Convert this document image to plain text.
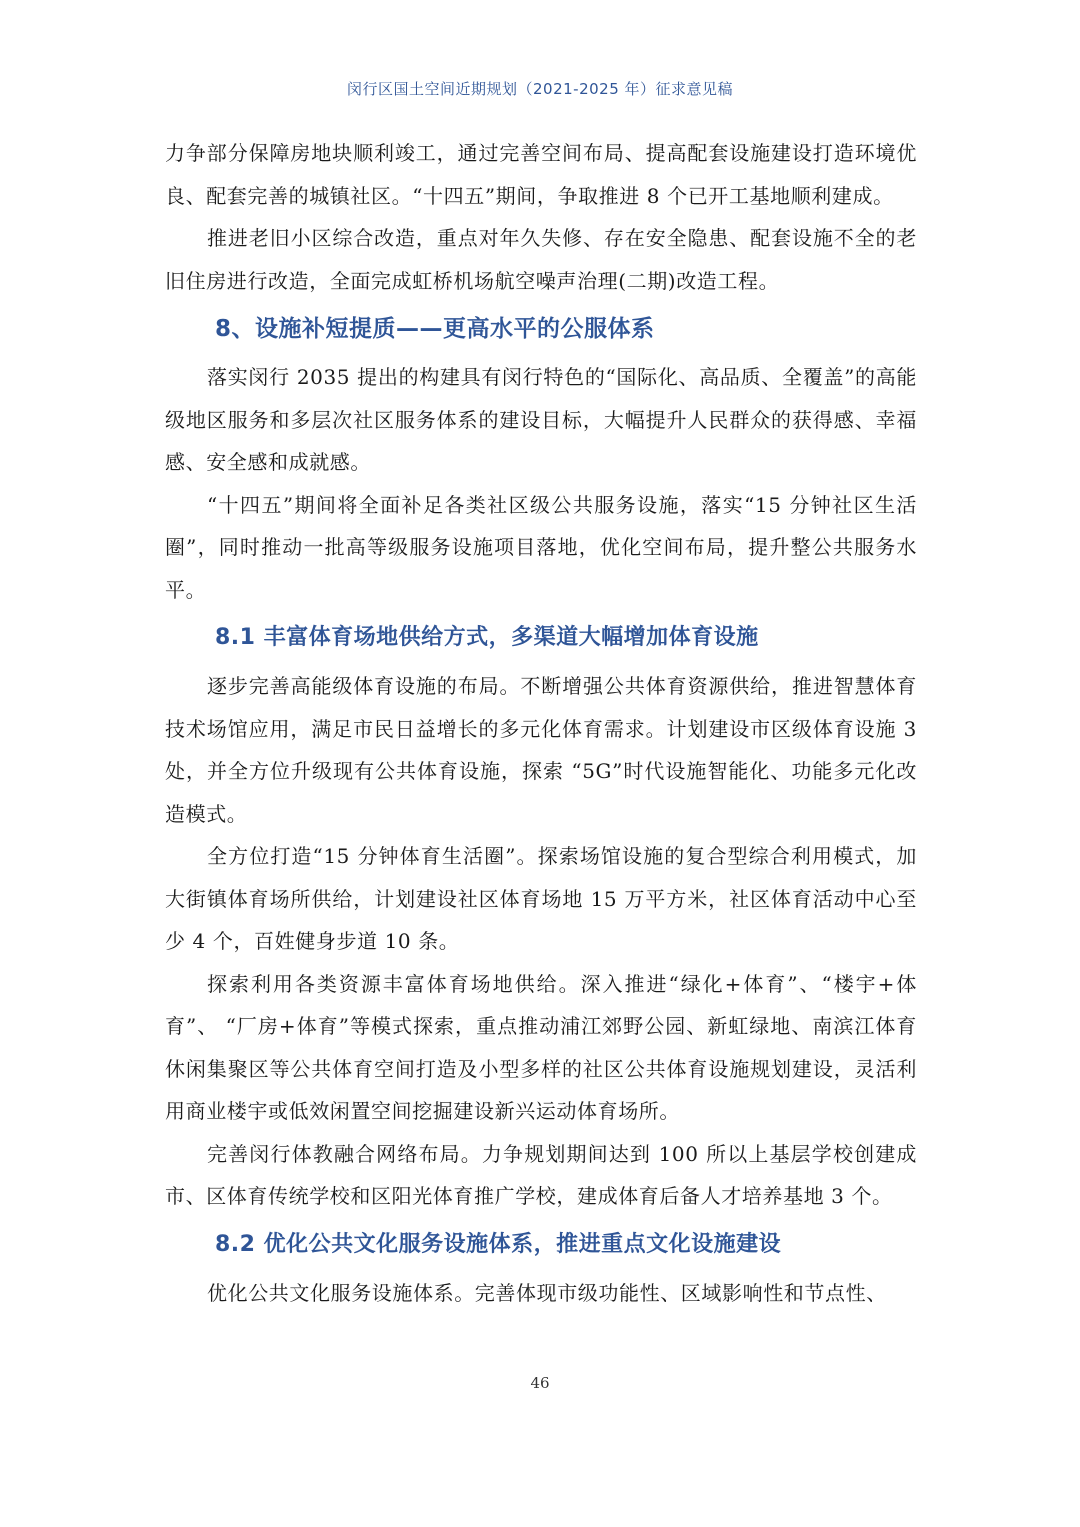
闵行区国土空间近期规划（2021-2025 年）征求意见稿

力争部分保障房地块顺利竣工，通过完善空间布局、提高配套设施建设打造环境优良、配套完善的城镇社区。“十四五”期间，争取推进 8 个已开工基地顺利建成。

推进老旧小区综合改造，重点对年久失修、存在安全隐患、配套设施不全的老旧住房进行改造，全面完成虹桥机场航空噪声治理(二期)改造工程。

8、设施补短提质——更高水平的公服体系

落实闵行 2035 提出的构建具有闵行特色的“国际化、高品质、全覆盖”的高能级地区服务和多层次社区服务体系的建设目标，大幅提升人民群众的获得感、幸福感、安全感和成就感。

“十四五”期间将全面补足各类社区级公共服务设施，落实“15 分钟社区生活圈”，同时推动一批高等级服务设施项目落地，优化空间布局，提升整公共服务水平。

8.1 丰富体育场地供给方式，多渠道大幅增加体育设施

逐步完善高能级体育设施的布局。不断增强公共体育资源供给，推进智慧体育技术场馆应用，满足市民日益增长的多元化体育需求。计划建设市区级体育设施 3 处，并全方位升级现有公共体育设施，探索 “5G”时代设施智能化、功能多元化改造模式。

全方位打造“15 分钟体育生活圈”。探索场馆设施的复合型综合利用模式，加大街镇体育场所供给，计划建设社区体育场地 15 万平方米，社区体育活动中心至少 4 个，百姓健身步道 10 条。

探索利用各类资源丰富体育场地供给。深入推进“绿化+体育”、“楼宇+体育”、 “厂房+体育”等模式探索，重点推动浦江郊野公园、新虹绿地、南滨江体育休闲集聚区等公共体育空间打造及小型多样的社区公共体育设施规划建设，灵活利用商业楼宇或低效闲置空间挖掘建设新兴运动体育场所。

完善闵行体教融合网络布局。力争规划期间达到 100 所以上基层学校创建成市、区体育传统学校和区阳光体育推广学校，建成体育后备人才培养基地 3 个。

8.2 优化公共文化服务设施体系，推进重点文化设施建设

优化公共文化服务设施体系。完善体现市级功能性、区域影响性和节点性、

46
